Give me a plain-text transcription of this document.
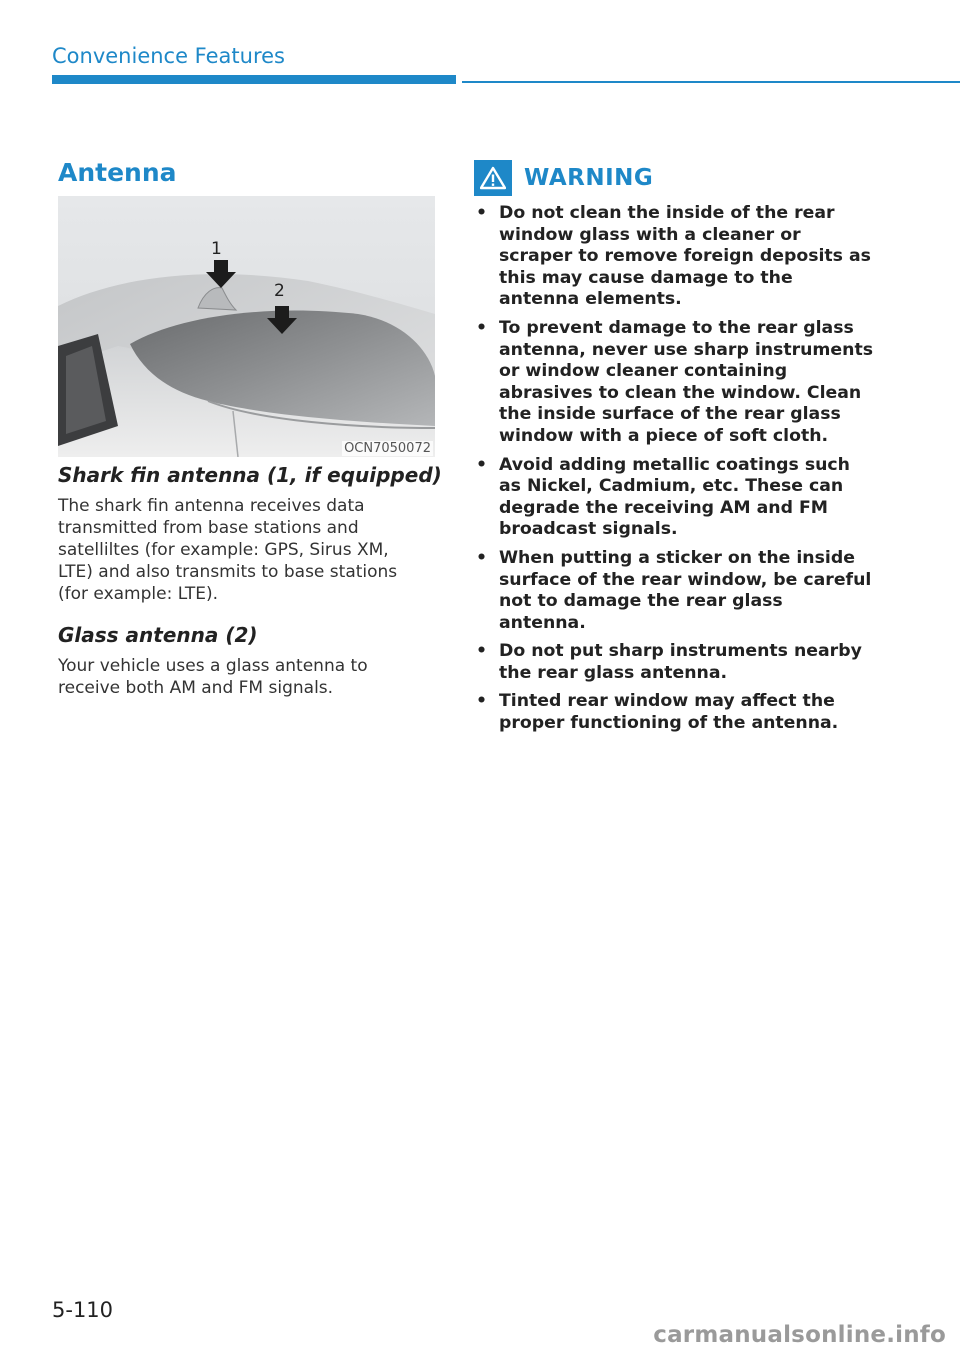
Convenience Features
Antenna
1
2
OCN7050072
Shark fin antenna (1, if equipped)

The shark fin antenna receives data transmitted from base stations and satelliltes (for example: GPS, Sirus XM, LTE) and also transmits to base stations (for example: LTE).

Glass antenna (2)

Your vehicle uses a glass antenna to receive both AM and FM signals.

WARNING
• Do not clean the inside of the rear window glass with a cleaner or scraper to remove foreign deposits as this may cause damage to the antenna elements.
• To prevent damage to the rear glass antenna, never use sharp instruments or window cleaner containing abrasives to clean the window. Clean the inside surface of the rear glass window with a piece of soft cloth.
• Avoid adding metallic coatings such as Nickel, Cadmium, etc. These can degrade the receiving AM and FM broadcast signals.
• When putting a sticker on the inside surface of the rear window, be careful not to damage the rear glass antenna.
• Do not put sharp instruments nearby the rear glass antenna.
• Tinted rear window may affect the proper functioning of the antenna.
5-110
carmanualsonline.info
